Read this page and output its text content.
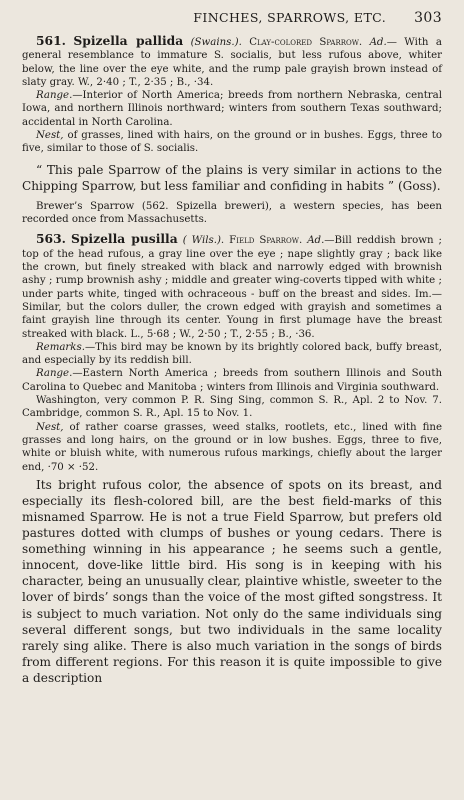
FINCHES, SPARROWS, ETC. 303

561. Spizella pallida (Swains.). Clay-colored Sparrow. Ad.— With a general resemblance to immature S. socialis, but less rufous above, whiter below, the line over the eye white, and the rump pale grayish brown instead of slaty gray. W., 2·40 ; T., 2·35 ; B., ·34.

Range.—Interior of North America; breeds from northern Nebraska, central Iowa, and northern Illinois northward; winters from southern Texas southward; accidental in North Carolina.

Nest, of grasses, lined with hairs, on the ground or in bushes. Eggs, three to five, similar to those of S. socialis.

“ This pale Sparrow of the plains is very similar in actions to the Chipping Sparrow, but less familiar and confiding in habits ” (Goss).

Brewer’s Sparrow (562. Spizella breweri), a western species, has been recorded once from Massachusetts.

563. Spizella pusilla ( Wils.). Field Sparrow. Ad.—Bill reddish brown ; top of the head rufous, a gray line over the eye ; nape slightly gray ; back like the crown, but finely streaked with black and narrowly edged with brownish ashy ; rump brownish ashy ; middle and greater wing-coverts tipped with white ; under parts white, tinged with ochraceous - buff on the breast and sides. Im.—Similar, but the colors duller, the crown edged with grayish and sometimes a faint grayish line through its center. Young in first plumage have the breast streaked with black. L., 5·68 ; W., 2·50 ; T., 2·55 ; B., ·36.

Remarks.—This bird may be known by its brightly colored back, buffy breast, and especially by its reddish bill.

Range.—Eastern North America ; breeds from southern Illinois and South Carolina to Quebec and Manitoba ; winters from Illinois and Virginia southward.

Washington, very common P. R. Sing Sing, common S. R., Apl. 2 to Nov. 7. Cambridge, common S. R., Apl. 15 to Nov. 1.

Nest, of rather coarse grasses, weed stalks, rootlets, etc., lined with fine grasses and long hairs, on the ground or in low bushes. Eggs, three to five, white or bluish white, with numerous rufous markings, chiefly about the larger end, ·70 × ·52.

Its bright rufous color, the absence of spots on its breast, and especially its flesh-colored bill, are the best field-marks of this misnamed Sparrow. He is not a true Field Sparrow, but prefers old pastures dotted with clumps of bushes or young cedars. There is something winning in his appearance ; he seems such a gentle, innocent, dove-like little bird. His song is in keeping with his character, being an unusually clear, plaintive whistle, sweeter to the lover of birds’ songs than the voice of the most gifted songstress. It is subject to much variation. Not only do the same individuals sing several different songs, but two individuals in the same locality rarely sing alike. There is also much variation in the songs of birds from different regions. For this reason it is quite impossible to give a description
